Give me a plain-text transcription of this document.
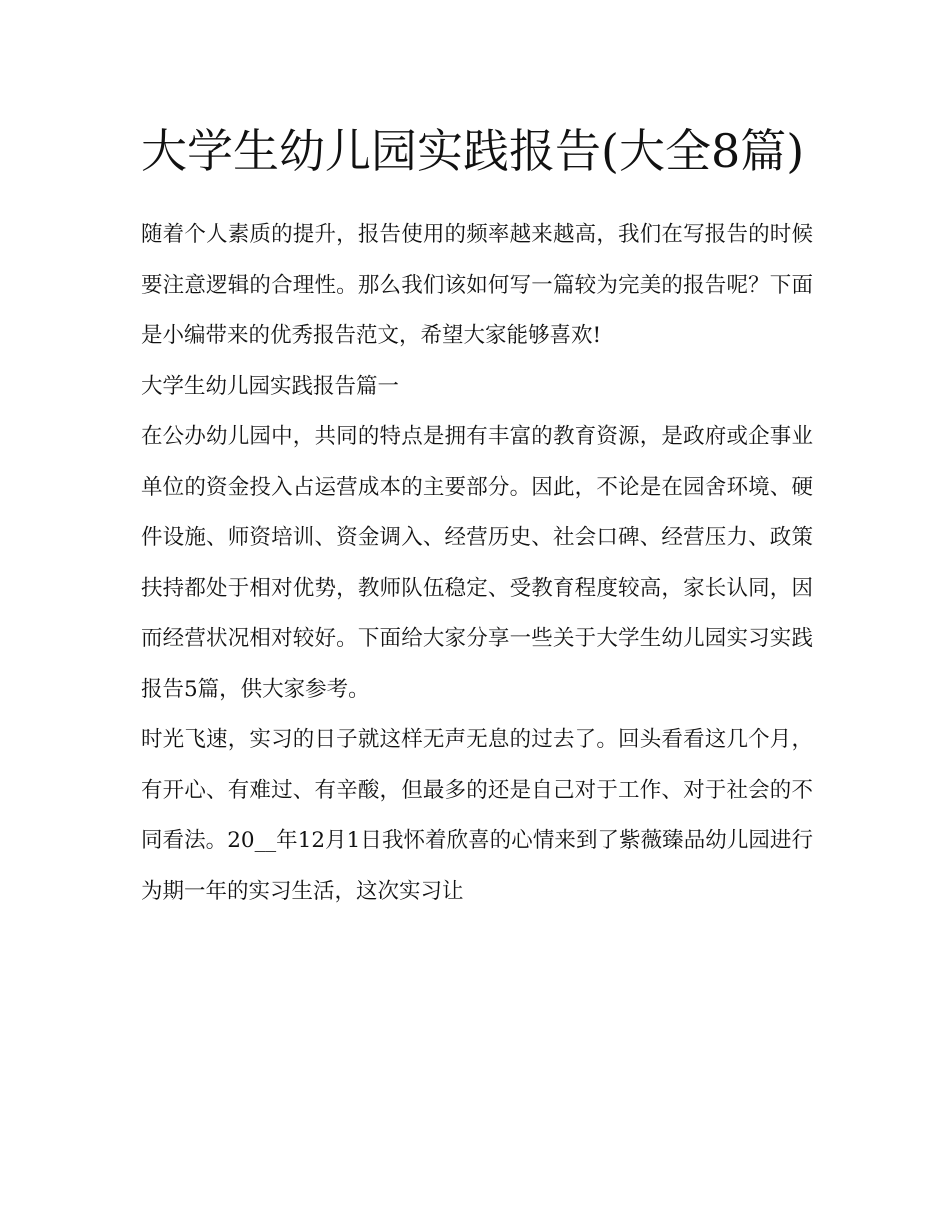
大学生幼儿园实践报告(大全8篇)

随着个人素质的提升，报告使用的频率越来越高，我们在写报告的时候要注意逻辑的合理性。那么我们该如何写一篇较为完美的报告呢？下面是小编带来的优秀报告范文，希望大家能够喜欢!

大学生幼儿园实践报告篇一

在公办幼儿园中，共同的特点是拥有丰富的教育资源，是政府或企事业单位的资金投入占运营成本的主要部分。因此，不论是在园舍环境、硬件设施、师资培训、资金调入、经营历史、社会口碑、经营压力、政策扶持都处于相对优势，教师队伍稳定、受教育程度较高，家长认同，因而经营状况相对较好。下面给大家分享一些关于大学生幼儿园实习实践报告5篇，供大家参考。

时光飞速，实习的日子就这样无声无息的过去了。回头看看这几个月，有开心、有难过、有辛酸，但最多的还是自己对于工作、对于社会的不同看法。20__年12月1日我怀着欣喜的心情来到了紫薇臻品幼儿园进行为期一年的实习生活，这次实习让
